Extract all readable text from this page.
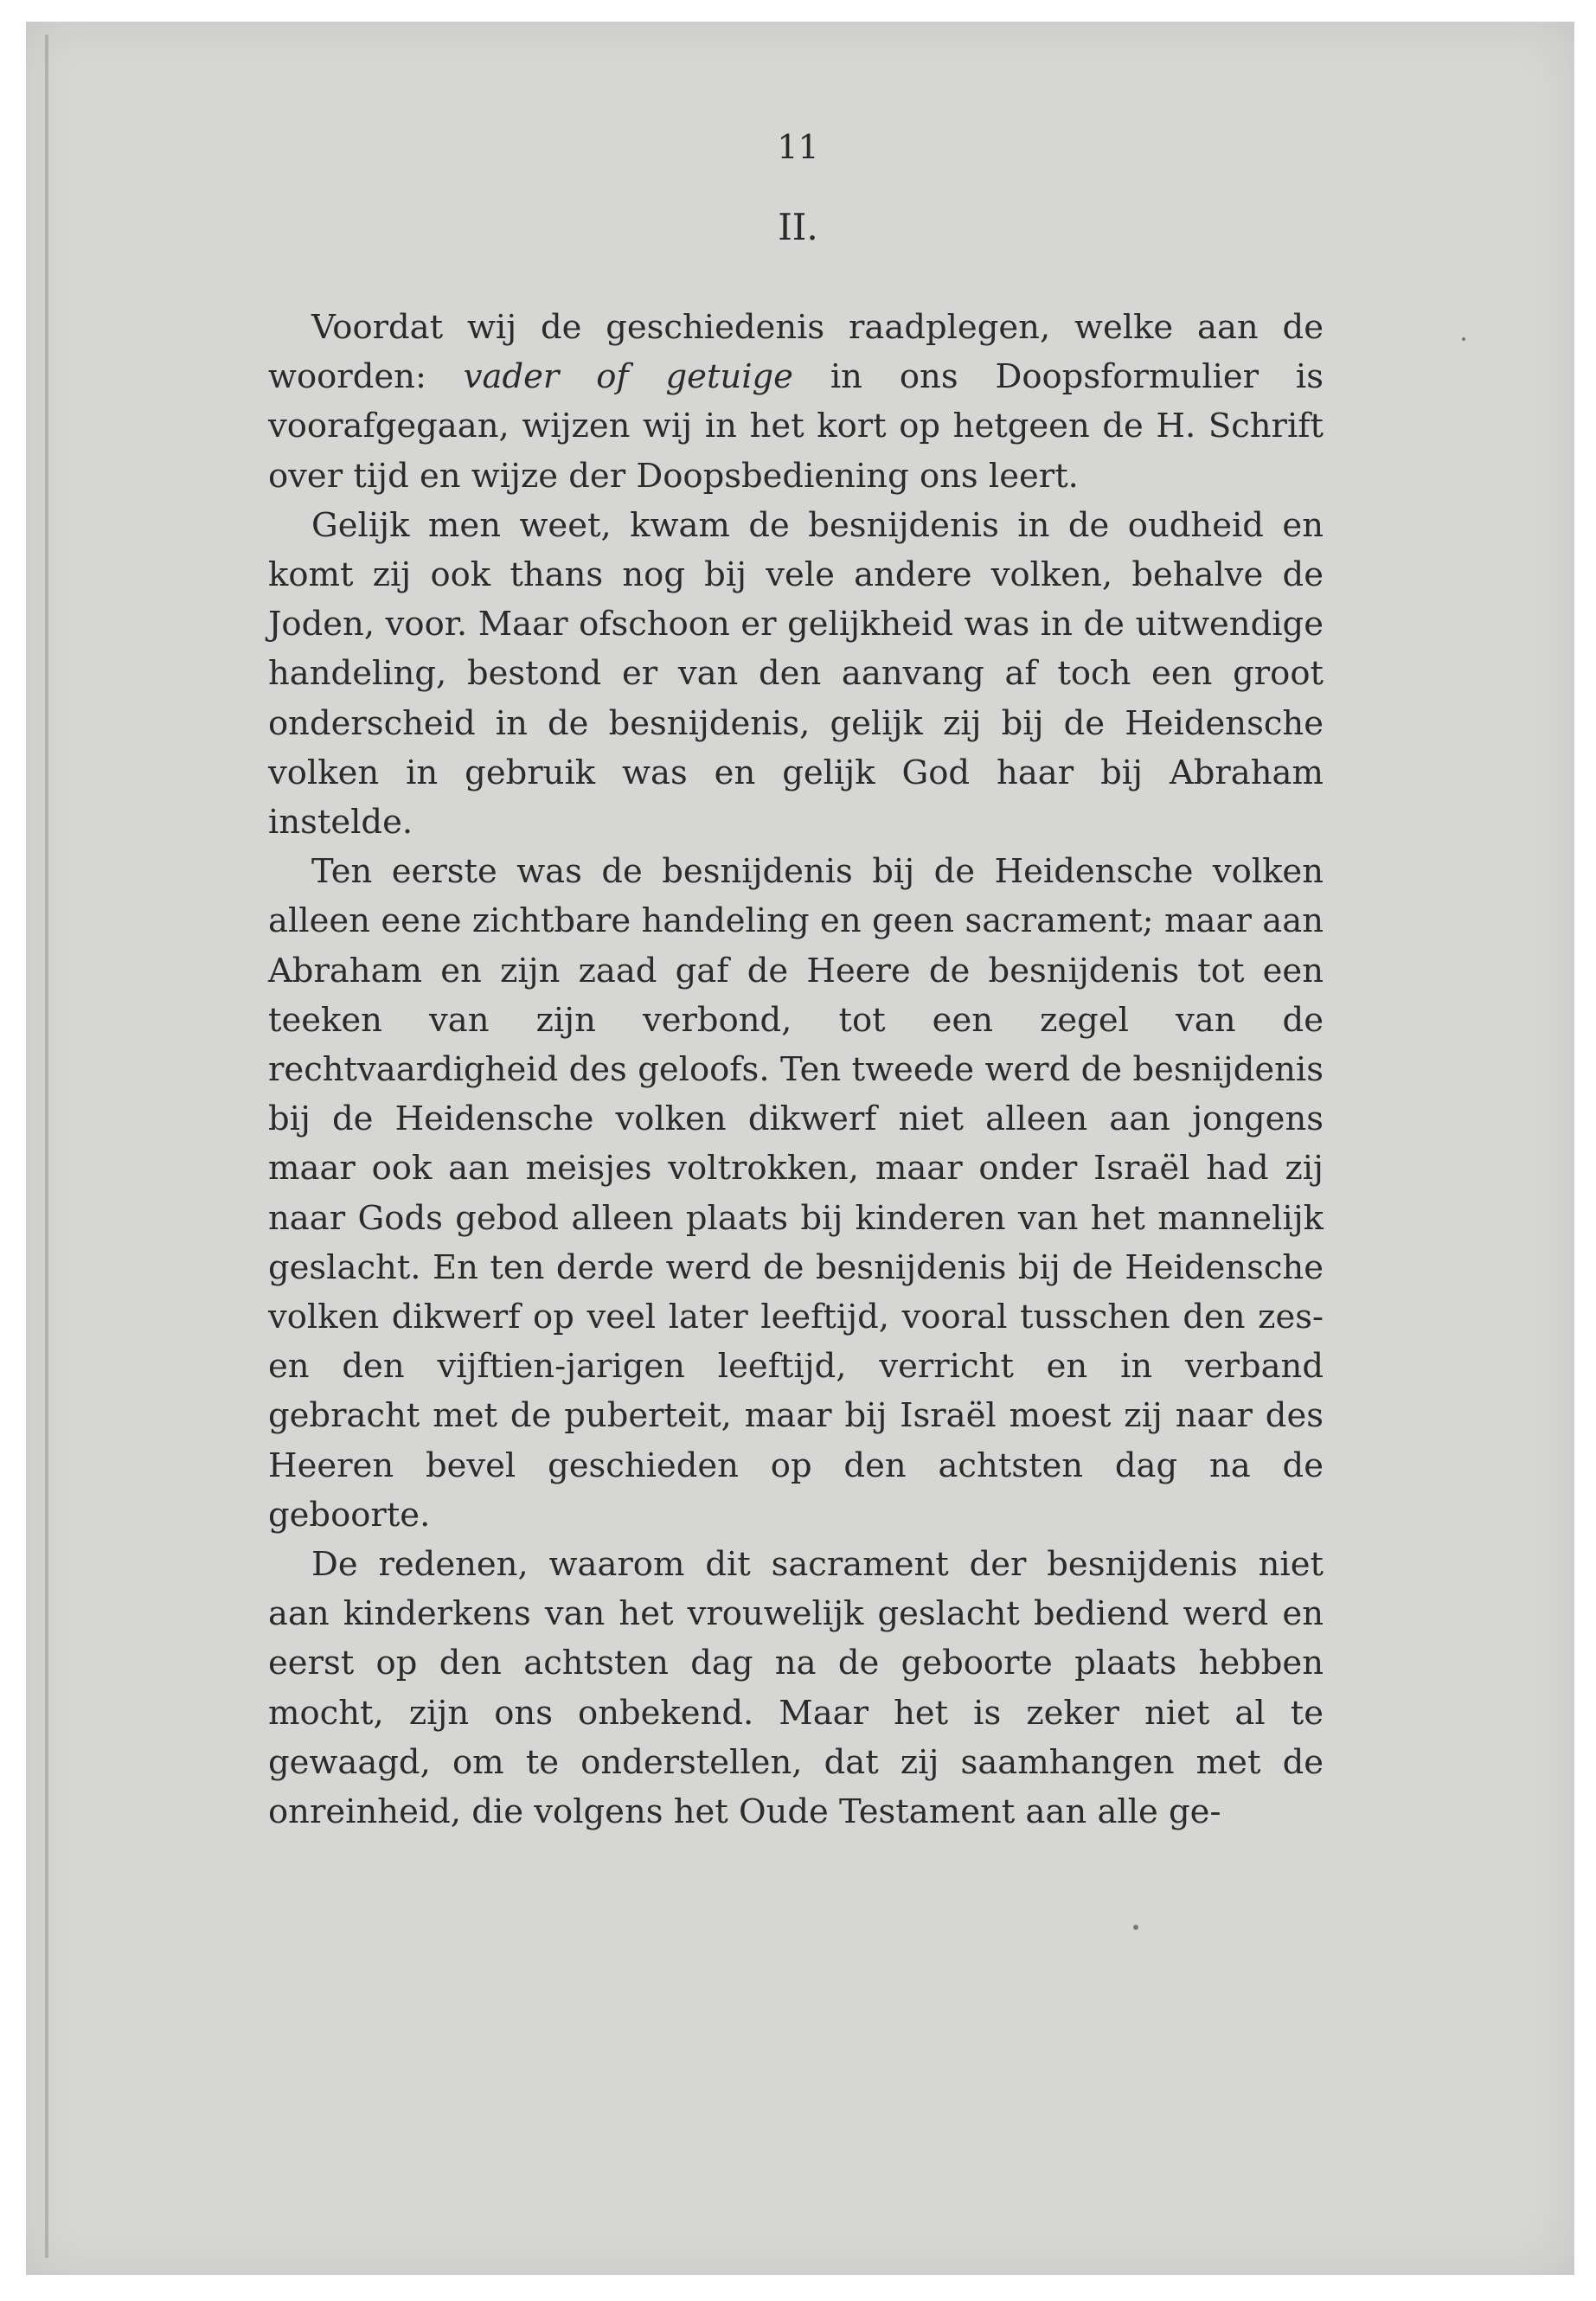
11

II.

Voordat wij de geschiedenis raadplegen, welke aan de woorden: vader of getuige in ons Doopsformulier is voorafgegaan, wijzen wij in het kort op hetgeen de H. Schrift over tijd en wijze der Doopsbediening ons leert.

Gelijk men weet, kwam de besnijdenis in de oudheid en komt zij ook thans nog bij vele andere volken, behalve de Joden, voor. Maar ofschoon er gelijkheid was in de uitwendige handeling, bestond er van den aanvang af toch een groot onderscheid in de besnijdenis, gelijk zij bij de Heidensche volken in gebruik was en gelijk God haar bij Abraham instelde.

Ten eerste was de besnijdenis bij de Heidensche volken alleen eene zichtbare handeling en geen sacrament; maar aan Abraham en zijn zaad gaf de Heere de besnijdenis tot een teeken van zijn verbond, tot een zegel van de rechtvaardigheid des geloofs. Ten tweede werd de besnijdenis bij de Heidensche volken dikwerf niet alleen aan jongens maar ook aan meisjes voltrokken, maar onder Israël had zij naar Gods gebod alleen plaats bij kinderen van het mannelijk geslacht. En ten derde werd de besnijdenis bij de Heidensche volken dikwerf op veel later leeftijd, vooral tusschen den zes- en den vijftien-jarigen leeftijd, verricht en in verband gebracht met de puberteit, maar bij Israël moest zij naar des Heeren bevel geschieden op den achtsten dag na de geboorte.

De redenen, waarom dit sacrament der besnijdenis niet aan kinderkens van het vrouwelijk geslacht bediend werd en eerst op den achtsten dag na de geboorte plaats hebben mocht, zijn ons onbekend. Maar het is zeker niet al te gewaagd, om te onderstellen, dat zij saamhangen met de onreinheid, die volgens het Oude Testament aan alle ge-
